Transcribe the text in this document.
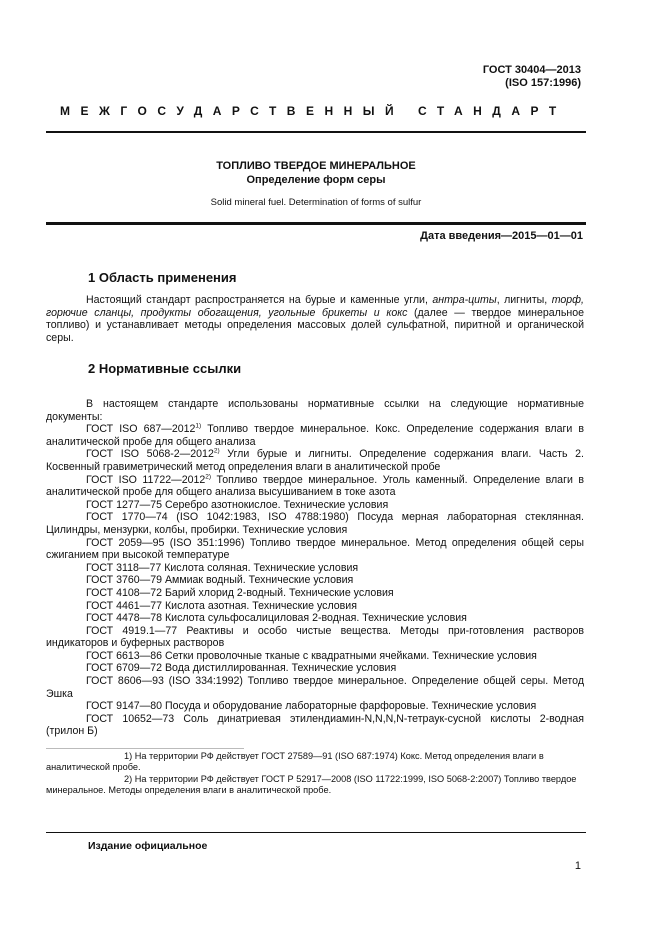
ГОСТ 30404—2013
(ISO 157:1996)
МЕЖГОСУДАРСТВЕННЫЙ СТАНДАРТ
ТОПЛИВО ТВЕРДОЕ МИНЕРАЛЬНОЕ
Определение форм серы
Solid mineral fuel. Determination of forms of sulfur
Дата введения—2015—01—01
1 Область применения

Настоящий стандарт распространяется на бурые и каменные угли, антра-циты, лигниты, торф, горючие сланцы, продукты обогащения, угольные брикеты и кокс (далее — твердое минеральное топливо) и устанавливает методы определения массовых долей сульфатной, пиритной и органической серы.

2 Нормативные ссылки

В настоящем стандарте использованы нормативные ссылки на следующие нормативные документы:

ГОСТ ISO 687—2012$^{1)}$ Топливо твердое минеральное. Кокс. Определение содержания влаги в аналитической пробе для общего анализа

ГОСТ ISO 5068-2—2012$^{2)}$ Угли бурые и лигниты. Определение содержания влаги. Часть 2. Косвенный гравиметрический метод определения влаги в аналитической пробе

ГОСТ ISO 11722—2012$^{2)}$ Топливо твердое минеральное. Уголь каменный. Определение влаги в аналитической пробе для общего анализа высушиванием в токе азота

ГОСТ 1277—75 Серебро азотнокислое. Технические условия

ГОСТ 1770—74 (ISO 1042:1983, ISO 4788:1980) Посуда мерная лабораторная стеклянная. Цилиндры, мензурки, колбы, пробирки. Технические условия

ГОСТ 2059—95 (ISO 351:1996) Топливо твердое минеральное. Метод определения общей серы сжиганием при высокой температуре

ГОСТ 3118—77 Кислота соляная. Технические условия

ГОСТ 3760—79 Аммиак водный. Технические условия

ГОСТ 4108—72 Барий хлорид 2-водный. Технические условия

ГОСТ 4461—77 Кислота азотная. Технические условия

ГОСТ 4478—78 Кислота сульфосалициловая 2-водная. Технические условия

ГОСТ 4919.1—77 Реактивы и особо чистые вещества. Методы при-готовления растворов индикаторов и буферных растворов

ГОСТ 6613—86 Сетки проволочные тканые с квадратными ячейками. Технические условия

ГОСТ 6709—72 Вода дистиллированная. Технические условия

ГОСТ 8606—93 (ISO 334:1992) Топливо твердое минеральное. Определение общей серы. Метод Эшка

ГОСТ 9147—80 Посуда и оборудование лабораторные фарфоровые. Технические условия

ГОСТ 10652—73 Соль динатриевая этилендиамин-N,N,N,N-тетраук-сусной кислоты 2-водная (трилон Б)

1) На территории РФ действует ГОСТ 27589—91 (ISO 687:1974) Кокс. Метод определения влаги в аналитической пробе.

2) На территории РФ действует ГОСТ Р 52917—2008 (ISO 11722:1999, ISO 5068-2:2007) Топливо твердое минеральное. Методы определения влаги в аналитической пробе.

Издание официальное
1
